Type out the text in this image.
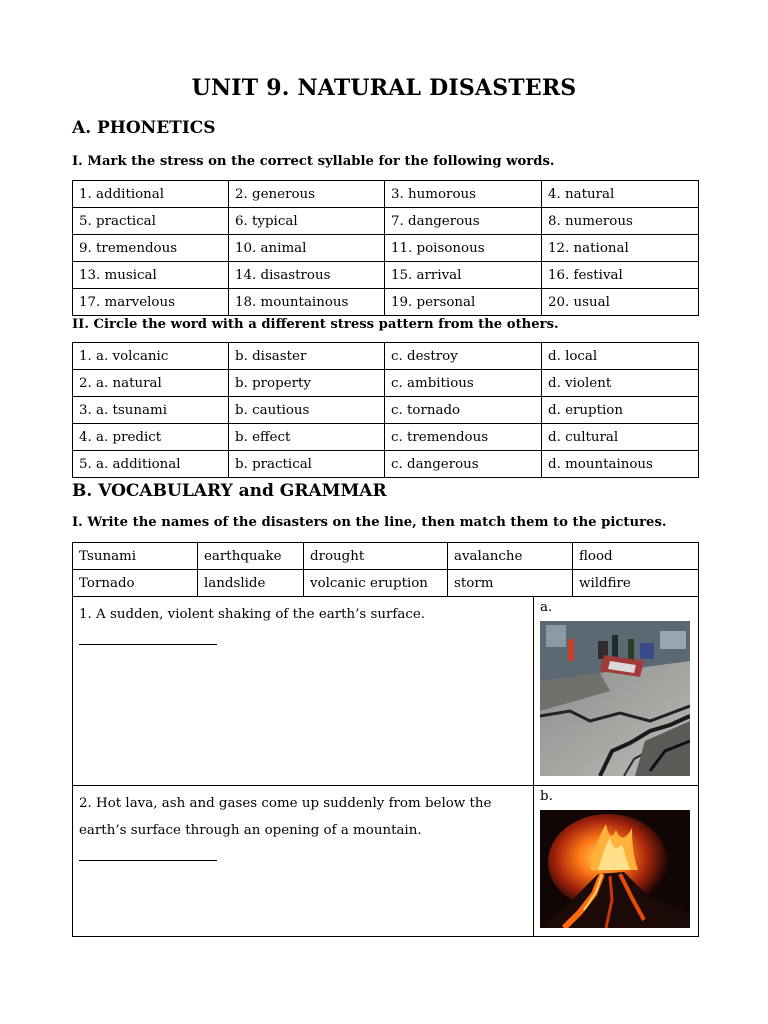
UNIT 9. NATURAL DISASTERS
A. PHONETICS
I. Mark the stress on the correct syllable for the following words.
1. additional	2. generous	3. humorous	4. natural
5. practical	6. typical	7. dangerous	8. numerous
9. tremendous	10. animal	11. poisonous	12. national
13. musical	14. disastrous	15. arrival	16. festival
17. marvelous	18. mountainous	19. personal	20. usual
II. Circle the word with a different stress pattern from the others.
1. a. volcanic	b. disaster	c. destroy	d. local
2. a. natural	b. property	c. ambitious	d. violent
3. a. tsunami	b. cautious	c. tornado	d. eruption
4. a. predict	b. effect	c. tremendous	d. cultural
5. a. additional	b. practical	c. dangerous	d. mountainous
B. VOCABULARY and GRAMMAR
I. Write the names of the disasters on the line, then match them to the pictures.
Tsunami	earthquake	drought	avalanche	flood
Tornado	landslide	volcanic eruption	storm	wildfire
1. A sudden, violent shaking of the earth’s surface.	a.

2. Hot lava, ash and gases come up suddenly from below the earth’s surface through an opening of a mountain.	b.
